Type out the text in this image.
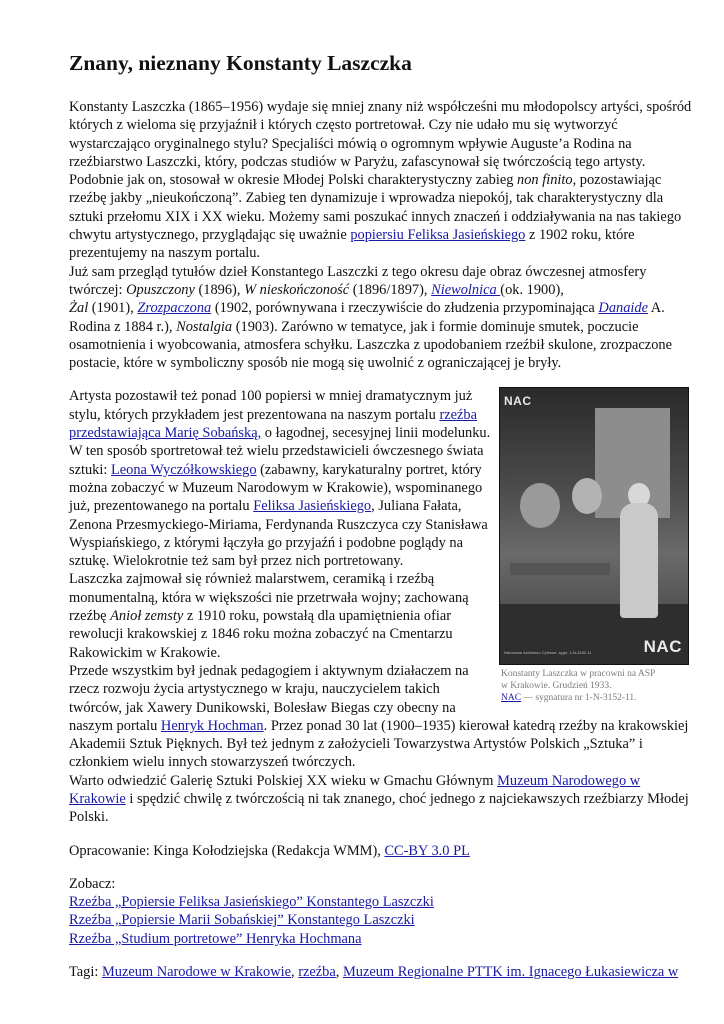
Znany, nieznany Konstanty Laszczka

Konstanty Laszczka (1865–1956) wydaje się mniej znany niż współcześni mu młodopolscy artyści, spośród których z wieloma się przyjaźnił i których często portretował. Czy nie udało mu się wytworzyć wystarczająco oryginalnego stylu? Specjaliści mówią o ogromnym wpływie Auguste’a Rodina na rzeźbiarstwo Laszczki, który, podczas studiów w Paryżu, zafascynował się twórczością tego artysty. Podobnie jak on, stosował w okresie Młodej Polski charakterystyczny zabieg non finito, pozostawiając rzeźbę jakby „nieukończoną”. Zabieg ten dynamizuje i wprowadza niepokój, tak charakterystyczny dla sztuki przełomu XIX i XX wieku. Możemy sami poszukać innych znaczeń i oddziaływania na nas takiego chwytu artystycznego, przyglądając się uważnie popiersiu Feliksa Jasieńskiego z 1902 roku, które prezentujemy na naszym portalu.

Już sam przegląd tytułów dzieł Konstantego Laszczki z tego okresu daje obraz ówczesnej atmosfery twórczej: Opuszczony (1896), W nieskończoność (1896/1897), Niewolnica (ok. 1900),
Żal (1901), Zrozpaczona (1902, porównywana i rzeczywiście do złudzenia przypominająca Danaide A. Rodina z 1884 r.), Nostalgia (1903). Zarówno w tematyce, jak i formie dominuje smutek, poczucie osamotnienia i wyobcowania, atmosfera schyłku. Laszczka z upodobaniem rzeźbił skulone, zrozpaczone postacie, które w symboliczny sposób nie mogą się uwolnić z ograniczającej je bryły.

NAC
NAC
Narodowe Archiwum Cyfrowe, sygn. 1-N-3152-11
Konstanty Laszczka w pracowni na ASP
w Krakowie. Grudzień 1933.
NAC — sygnatura nr 1-N-3152-11.

Artysta pozostawił też ponad 100 popiersi w mniej dramatycznym już stylu, których przykładem jest prezentowana na naszym portalu rzeźba przedstawiająca Marię Sobańską, o łagodnej, secesyjnej linii modelunku. W ten sposób sportretował też wielu przedstawicieli ówczesnego świata sztuki: Leona Wyczółkowskiego (zabawny, karykaturalny portret, który można zobaczyć w Muzeum Narodowym w Krakowie), wspominanego już, prezentowanego na portalu Feliksa Jasieńskiego, Juliana Fałata, Zenona Przesmyckiego-Miriama, Ferdynanda Ruszczyca czy Stanisława Wyspiańskiego, z którymi łączyła go przyjaźń i podobne poglądy na sztukę. Wielokrotnie też sam był przez nich portretowany.

Laszczka zajmował się również malarstwem, ceramiką i rzeźbą monumentalną, która w większości nie przetrwała wojny; zachowaną rzeźbę Anioł zemsty z 1910 roku, powstałą dla upamiętnienia ofiar rewolucji krakowskiej z 1846 roku można zobaczyć na Cmentarzu Rakowickim w Krakowie.

Przede wszystkim był jednak pedagogiem i aktywnym działaczem na rzecz rozwoju życia artystycznego w kraju, nauczycielem takich twórców, jak Xawery Dunikowski, Bolesław Biegas czy obecny na naszym portalu Henryk Hochman. Przez ponad 30 lat (1900–1935) kierował katedrą rzeźby na krakowskiej Akademii Sztuk Pięknych. Był też jednym z założycieli Towarzystwa Artystów Polskich „Sztuka” i członkiem wielu innych stowarzyszeń twórczych.

Warto odwiedzić Galerię Sztuki Polskiej XX wieku w Gmachu Głównym Muzeum Narodowego w Krakowie i spędzić chwilę z twórczością ni tak znanego, choć jednego z najciekawszych rzeźbiarzy Młodej Polski.

Opracowanie: Kinga Kołodziejska (Redakcja WMM), CC-BY 3.0 PL

Zobacz:
Rzeźba „Popiersie Feliksa Jasieńskiego” Konstantego Laszczki
Rzeźba „Popiersie Marii Sobańskiej” Konstantego Laszczki
Rzeźba „Studium portretowe” Henryka Hochmana

Tagi: Muzeum Narodowe w Krakowie, rzeźba, Muzeum Regionalne PTTK im. Ignacego Łukasiewicza w
